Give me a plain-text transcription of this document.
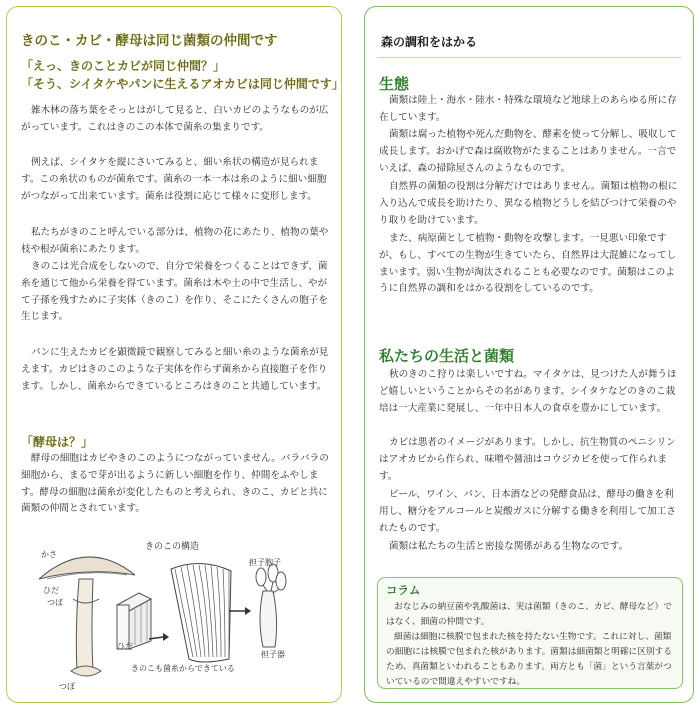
きのこ・カビ・酵母は同じ菌類の仲間です
「えっ、きのことカビが同じ仲間？」
「そう、シイタケやパンに生えるアオカビは同じ仲間です」
雑木林の落ち葉をそっとはがして見ると、白いカビのようなものが広がっています。これはきのこの本体で菌糸の集まりです。
例えば、シイタケを縦にさいてみると、細い糸状の構造が見られます。この糸状のものが菌糸です。菌糸の一本一本は糸のように細い細胞がつながって出来ています。菌糸は役割に応じて様々に変形します。
私たちがきのこと呼んでいる部分は、植物の花にあたり、植物の葉や枝や根が菌糸にあたります。
きのこは光合成をしないので、自分で栄養をつくることはできず、菌糸を通じて他から栄養を得ています。菌糸は木や土の中で生活し、やがて子孫を残すために子実体（きのこ）を作り、そこにたくさんの胞子を生じます。
パンに生えたカビを顕微鏡で観察してみると細い糸のような菌糸が見えます。カビはきのこのような子実体を作らず菌糸から直接胞子を作ります。しかし、菌糸からできているところはきのこと共通しています。
「酵母は？」
酵母の細胞はカビやきのこのようにつながっていません。バラバラの細胞から、まるで芽が出るように新しい細胞を作り、仲間をふやします。酵母の細胞は菌糸が変化したものと考えられ、きのこ、カビと共に菌類の仲間とされています。
きのこの構造
かさ
ひだ
つば
つぼ
ひだ
担子胞子
担子器
きのこも菌糸からできている
森の調和をはかる
生態
菌類は陸上・海水・陸水・特殊な環境など地球上のあらゆる所に存在しています。
菌類は腐った植物や死んだ動物を、酵素を使って分解し、吸収して成長します。おかげで森は腐敗物がたまることはありません。一言でいえば、森の掃除屋さんのようなものです。
自然界の菌類の役割は分解だけではありません。菌類は植物の根に入り込んで成長を助けたり、異なる植物どうしを結びつけて栄養のやり取りを助けています。
また、病原菌として植物・動物を攻撃します。一見悪い印象ですが、もし、すべての生物が生きていたら、自然界は大混雑になってしまいます。弱い生物が淘汰されることも必要なのです。菌類はこのように自然界の調和をはかる役割をしているのです。
私たちの生活と菌類
秋のきのこ狩りは楽しいですね。マイタケは、見つけた人が舞うほど嬉しいということからその名があります。シイタケなどのきのこ栽培は一大産業に発展し、一年中日本人の食卓を豊かにしています。
カビは悪者のイメージがあります。しかし、抗生物質のペニシリンはアオカビから作られ、味噌や醤油はコウジカビを使って作られます。
ビール、ワイン、パン、日本酒などの発酵食品は、酵母の働きを利用し、糖分をアルコールと炭酸ガスに分解する働きを利用して加工されたものです。
菌類は私たちの生活と密接な関係がある生物なのです。
コラム
おなじみの納豆菌や乳酸菌は、実は菌類（きのこ、カビ、酵母など）ではなく、細菌の仲間です。
細菌は細胞に核膜で包まれた核を持たない生物です。これに対し、菌類の細胞には核膜で包まれた核があります。菌類は細菌類と明確に区別するため、真菌類といわれることもあります。両方とも「菌」という言葉がついているので間違えやすいですね。
